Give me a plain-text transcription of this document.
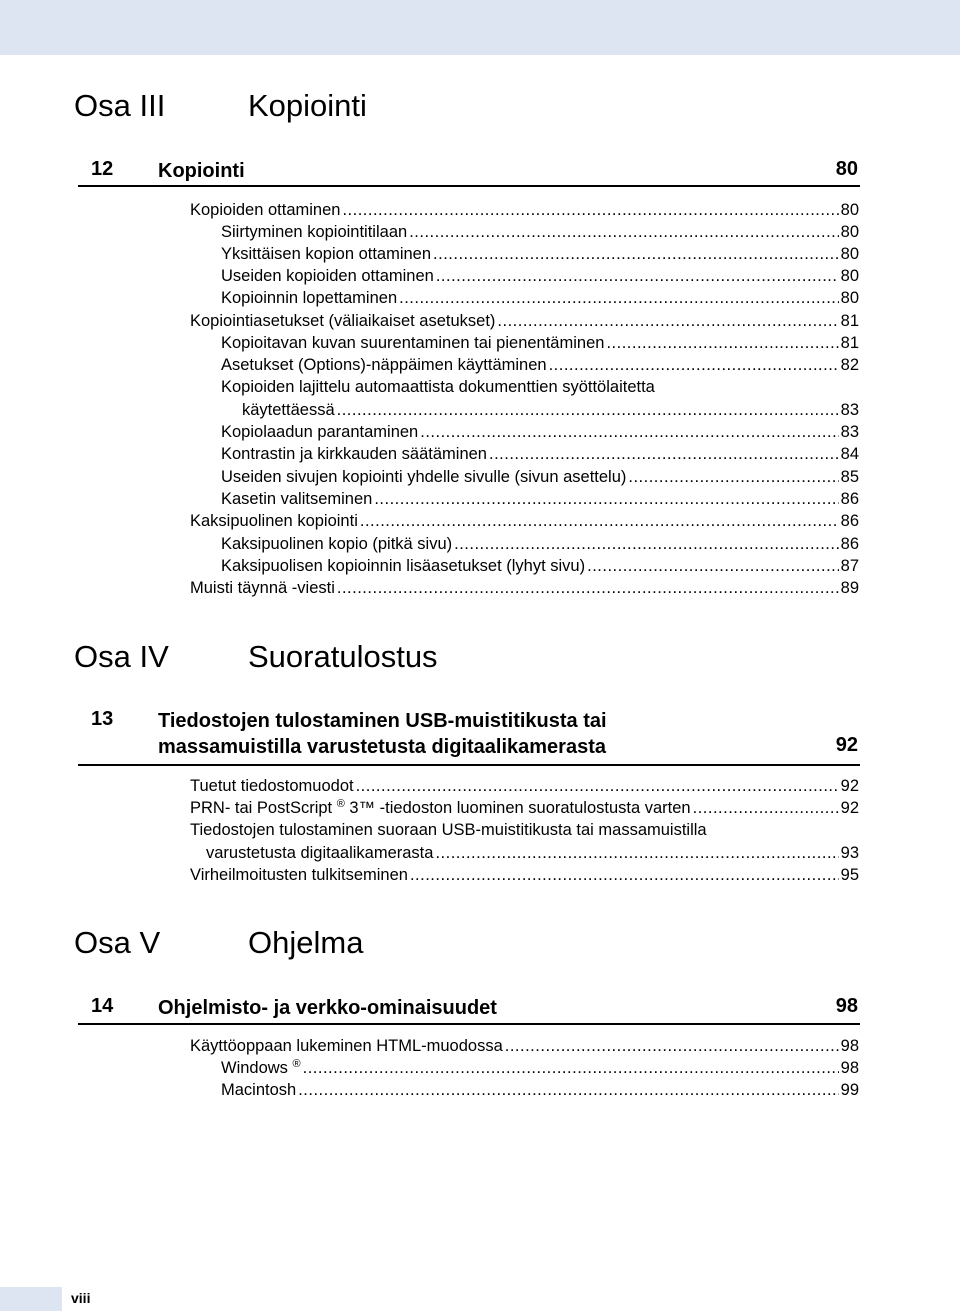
Osa III	Kopiointi
12 Kopiointi	80
Kopioiden ottaminen .....	80
Siirtyminen kopiointitilaan .....	80
Yksittäisen kopion ottaminen .....	80
Useiden kopioiden ottaminen .....	80
Kopioinnin lopettaminen .....	80
Kopiointiasetukset (väliaikaiset asetukset) .....	81
Kopioitavan kuvan suurentaminen tai pienentäminen .....	81
Asetukset (Options)-näppäimen käyttäminen .....	82
Kopioiden lajittelu automaattista dokumenttien syöttölaitetta
käytettäessä .....	83
Kopiolaadun parantaminen .....	83
Kontrastin ja kirkkauden säätäminen .....	84
Useiden sivujen kopiointi yhdelle sivulle (sivun asettelu) .....	85
Kasetin valitseminen .....	86
Kaksipuolinen kopiointi .....	86
Kaksipuolinen kopio (pitkä sivu) .....	86
Kaksipuolisen kopioinnin lisäasetukset (lyhyt sivu) .....	87
Muisti täynnä -viesti .....	89
Osa IV	Suoratulostus
13 Tiedostojen tulostaminen USB-muistitikusta tai
massamuistilla varustetusta digitaalikamerasta	92
Tuetut tiedostomuodot .....	92
PRN- tai PostScript ® 3™ -tiedoston luominen suoratulostusta varten .....	92
Tiedostojen tulostaminen suoraan USB-muistitikusta tai massamuistilla
varustetusta digitaalikamerasta .....	93
Virheilmoitusten tulkitseminen .....	95
Osa V	Ohjelma
14 Ohjelmisto- ja verkko-ominaisuudet	98
Käyttöoppaan lukeminen HTML-muodossa .....	98
Windows ® .....	98
Macintosh .....	99
viii
